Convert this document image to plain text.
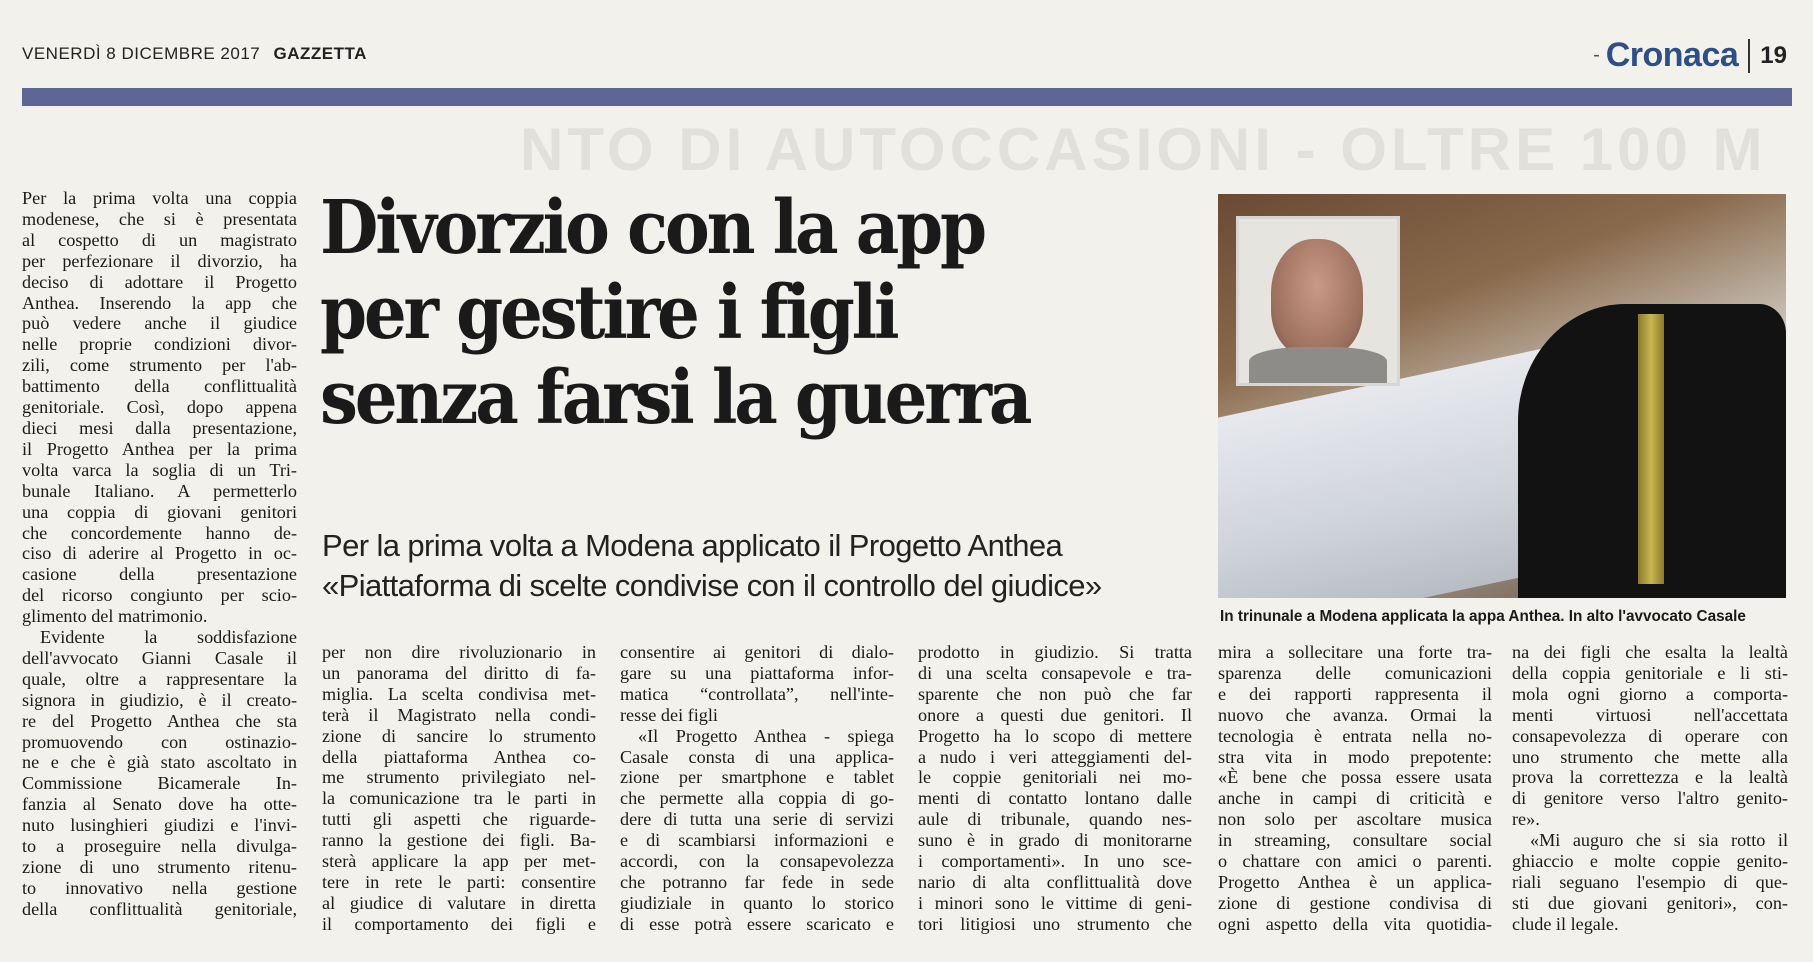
VENERDÌ 8 DICEMBRE 2017 GAZZETTA	- Cronaca 19
NTO DI AUTOCCASIONI - OLTRE 100 M
Per la prima volta una coppia
modenese, che si è presentata
al cospetto di un magistrato
per perfezionare il divorzio, ha
deciso di adottare il Progetto
Anthea. Inserendo la app che
può vedere anche il giudice
nelle proprie condizioni divor-
zili, come strumento per l'ab-
battimento della conflittualità
genitoriale. Così, dopo appena
dieci mesi dalla presentazione,
il Progetto Anthea per la prima
volta varca la soglia di un Tri-
bunale Italiano. A permetterlo
una coppia di giovani genitori
che concordemente hanno de-
ciso di aderire al Progetto in oc-
casione della presentazione
del ricorso congiunto per scio-
glimento del matrimonio.
Evidente la soddisfazione
dell'avvocato Gianni Casale il
quale, oltre a rappresentare la
signora in giudizio, è il creato-
re del Progetto Anthea che sta
promuovendo con ostinazio-
ne e che è già stato ascoltato in
Commissione Bicamerale In-
fanzia al Senato dove ha otte-
nuto lusinghieri giudizi e l'invi-
to a proseguire nella divulga-
zione di uno strumento ritenu-
to innovativo nella gestione
della conflittualità genitoriale,
Divorzio con la app
per gestire i figli
senza farsi la guerra
Per la prima volta a Modena applicato il Progetto Anthea
«Piattaforma di scelte condivise con il controllo del giudice»
In trinunale a Modena applicata la appa Anthea. In alto l'avvocato Casale
per non dire rivoluzionario in
un panorama del diritto di fa-
miglia. La scelta condivisa met-
terà il Magistrato nella condi-
zione di sancire lo strumento
della piattaforma Anthea co-
me strumento privilegiato nel-
la comunicazione tra le parti in
tutti gli aspetti che riguarde-
ranno la gestione dei figli. Ba-
sterà applicare la app per met-
tere in rete le parti: consentire
al giudice di valutare in diretta
il comportamento dei figli e
consentire ai genitori di dialo-
gare su una piattaforma infor-
matica “controllata”, nell'inte-
resse dei figli
«Il Progetto Anthea - spiega
Casale consta di una applica-
zione per smartphone e tablet
che permette alla coppia di go-
dere di tutta una serie di servizi
e di scambiarsi informazioni e
accordi, con la consapevolezza
che potranno far fede in sede
giudiziale in quanto lo storico
di esse potrà essere scaricato e
prodotto in giudizio. Si tratta
di una scelta consapevole e tra-
sparente che non può che far
onore a questi due genitori. Il
Progetto ha lo scopo di mettere
a nudo i veri atteggiamenti del-
le coppie genitoriali nei mo-
menti di contatto lontano dalle
aule di tribunale, quando nes-
suno è in grado di monitorarne
i comportamenti». In uno sce-
nario di alta conflittualità dove
i minori sono le vittime di geni-
tori litigiosi uno strumento che
mira a sollecitare una forte tra-
sparenza delle comunicazioni
e dei rapporti rappresenta il
nuovo che avanza. Ormai la
tecnologia è entrata nella no-
stra vita in modo prepotente:
«È bene che possa essere usata
anche in campi di criticità e
non solo per ascoltare musica
in streaming, consultare social
o chattare con amici o parenti.
Progetto Anthea è un applica-
zione di gestione condivisa di
ogni aspetto della vita quotidia-
na dei figli che esalta la lealtà
della coppia genitoriale e li sti-
mola ogni giorno a comporta-
menti virtuosi nell'accettata
consapevolezza di operare con
uno strumento che mette alla
prova la correttezza e la lealtà
di genitore verso l'altro genito-
re».
«Mi auguro che si sia rotto il
ghiaccio e molte coppie genito-
riali seguano l'esempio di que-
sti due giovani genitori», con-
clude il legale.
